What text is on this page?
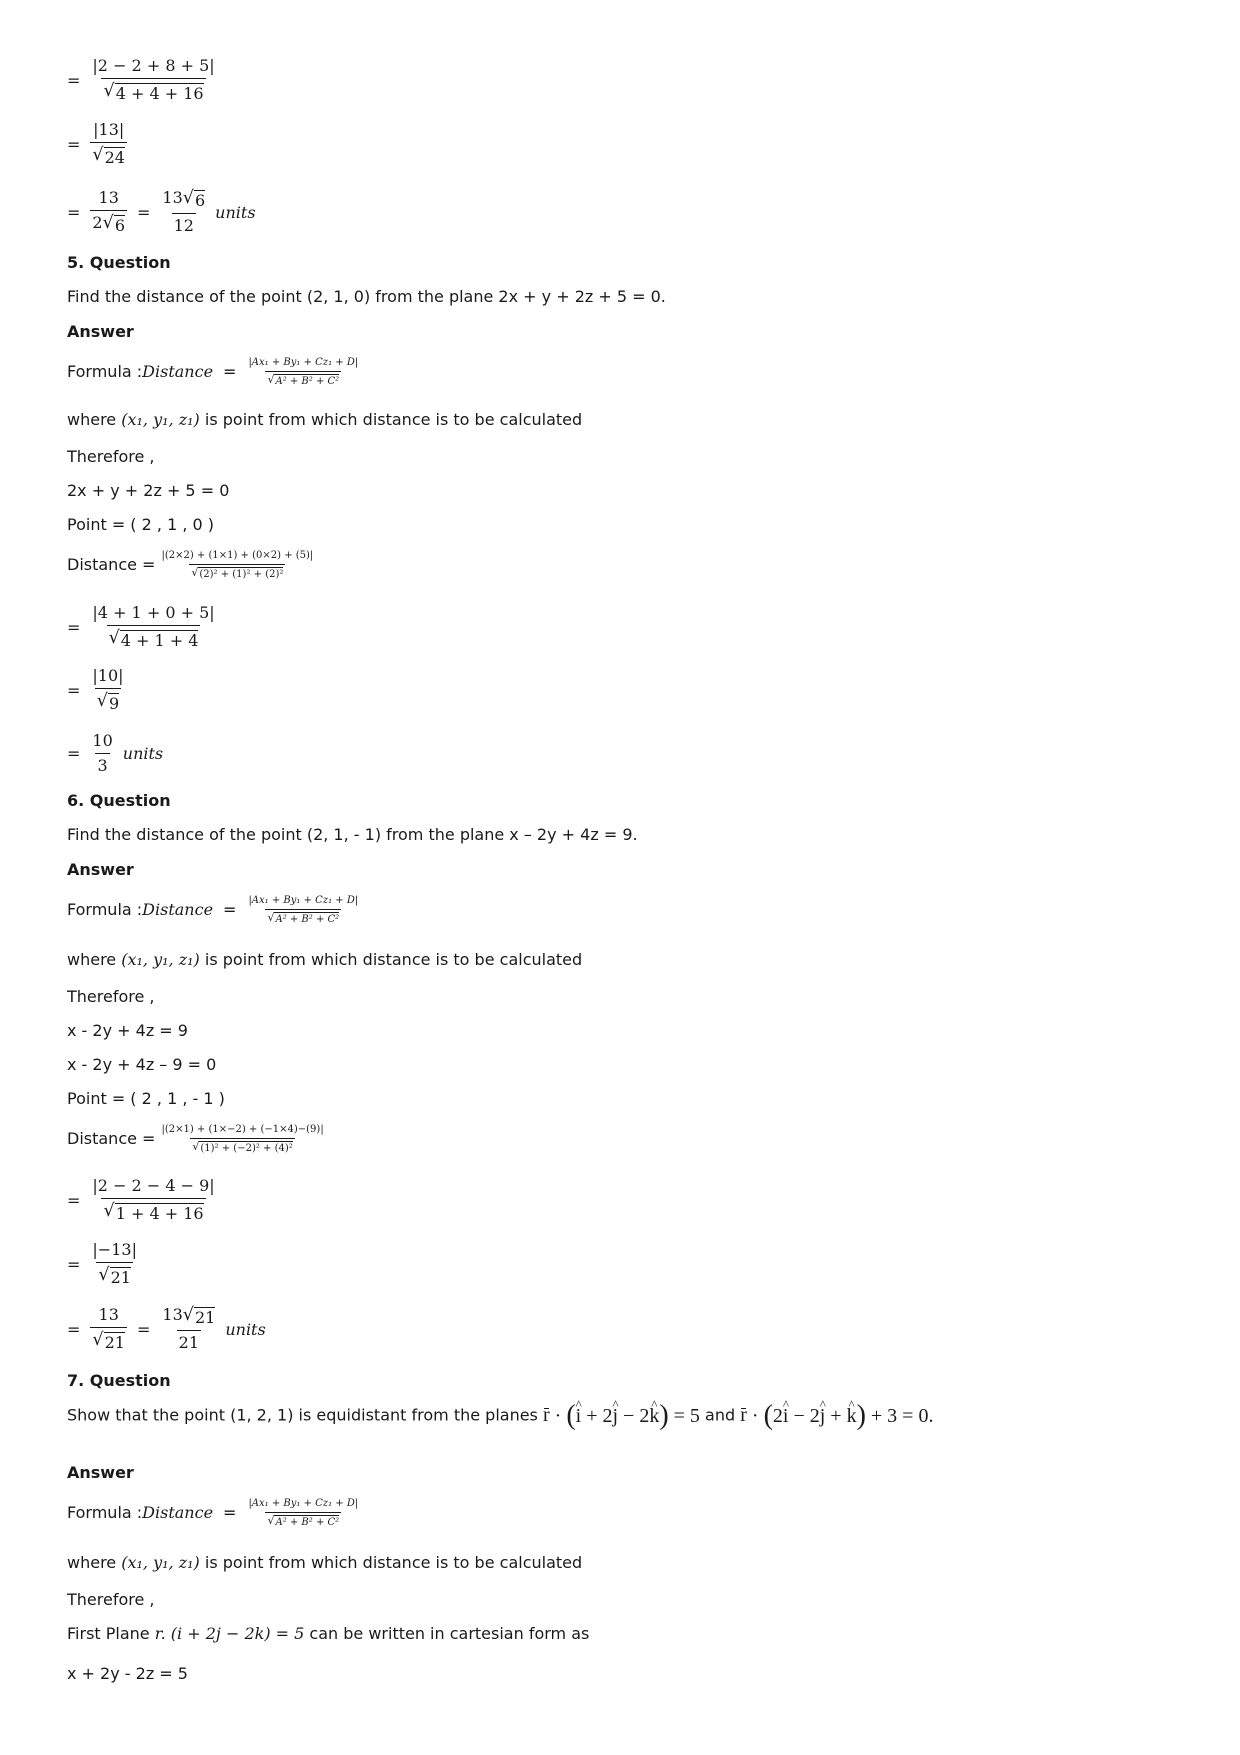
= $\frac{|2 - 2 + 8 + 5|}{√ 4 + 4 + 16}$
= $\frac{|13|}{√ 24}$
= $\frac{13}{2 √ 6} = \frac{13 √ 6}{12}$ units
5. Question
Find the distance of the point (2, 1, 0) from the plane 2x + y + 2z + 5 = 0.
Answer
Formula : Distance = $\frac{\text{|Ax₁ + By₁ + Cz₁ + D|}}{\text{√ A² + B² + C²}}$
where (x₁, y₁, z₁) is point from which distance is to be calculated
Therefore ,
2x + y + 2z + 5 = 0
Point = ( 2 , 1 , 0 )
Distance = $\frac{|(2\times 2) + (1\times 1) + (0\times 2) + (5)|}{\text{√ (2)² + (1)² + (2)²}}$
= $\frac{|4 + 1 + 0 + 5|}{√ 4 + 1 + 4}$
= $\frac{|10|}{√ 9}$
= $\frac{10}{3}$ units
6. Question
Find the distance of the point (2, 1, - 1) from the plane x – 2y + 4z = 9.
Answer
Formula : Distance = $\frac{\text{|Ax₁ + By₁ + Cz₁ + D|}}{\text{√ A² + B² + C²}}$
where (x₁, y₁, z₁) is point from which distance is to be calculated
Therefore ,
x - 2y + 4z = 9
x - 2y + 4z – 9 = 0
Point = ( 2 , 1 , - 1 )
Distance = $\frac{|(2\times 1) + (1\times-2) + (-1\times 4)-(9)|}{\text{√ (1)² + (−2)² + (4)²}}$
= $\frac{|2 - 2 - 4 - 9|}{√ 1 + 4 + 16}$
= $\frac{|-13|}{√ 21}$
= $\frac{13}{√ 21} = \frac{13 √ 21}{21}$ units
7. Question
Show that the point (1, 2, 1) is equidistant from the planes r · (^ i + 2^ j − 2^ k) = 5 and r · (2^ i − 2^ j + ^ k) + 3 = 0.
Answer
Formula : Distance = $\frac{\text{|Ax₁ + By₁ + Cz₁ + D|}}{\text{√ A² + B² + C²}}$
where (x₁, y₁, z₁) is point from which distance is to be calculated
Therefore ,
First Plane r. (i + 2j − 2k) = 5 can be written in cartesian form as
x + 2y - 2z = 5
